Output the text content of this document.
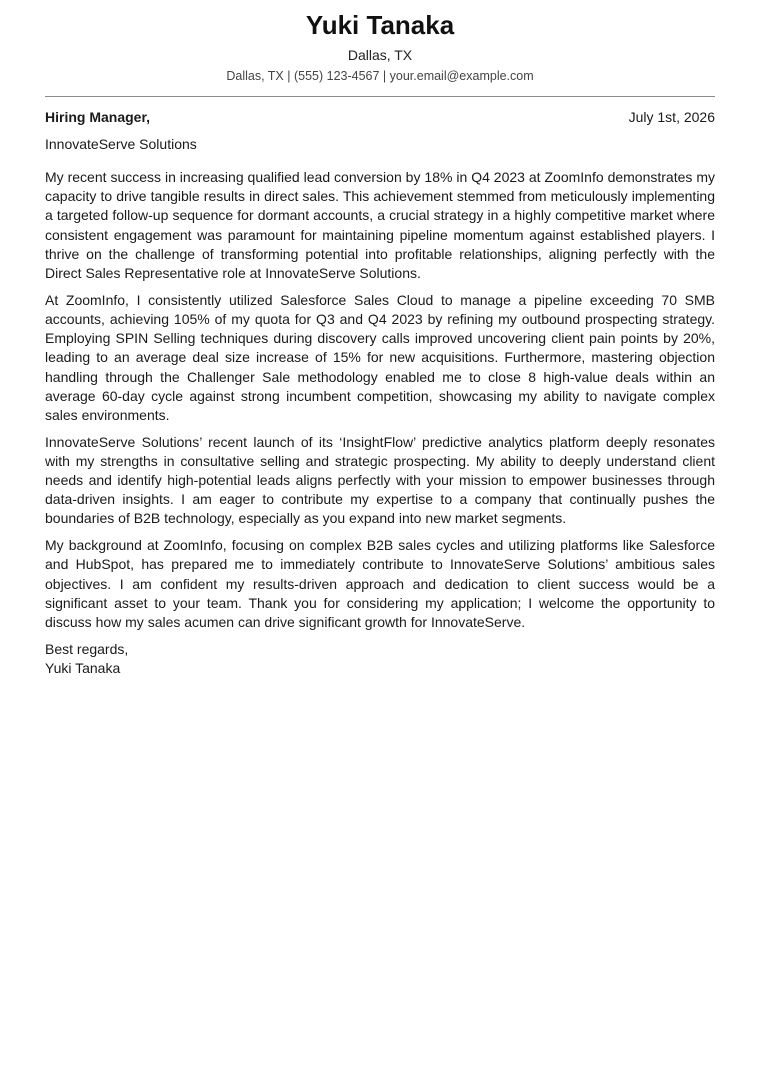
Yuki Tanaka
Dallas, TX
Dallas, TX | (555) 123-4567 | your.email@example.com
Hiring Manager,	July 1st, 2026
InnovateServe Solutions

My recent success in increasing qualified lead conversion by 18% in Q4 2023 at ZoomInfo demonstrates my capacity to drive tangible results in direct sales. This achievement stemmed from meticulously implementing a targeted follow-up sequence for dormant accounts, a crucial strategy in a highly competitive market where consistent engagement was paramount for maintaining pipeline momentum against established players. I thrive on the challenge of transforming potential into profitable relationships, aligning perfectly with the Direct Sales Representative role at InnovateServe Solutions.

At ZoomInfo, I consistently utilized Salesforce Sales Cloud to manage a pipeline exceeding 70 SMB accounts, achieving 105% of my quota for Q3 and Q4 2023 by refining my outbound prospecting strategy. Employing SPIN Selling techniques during discovery calls improved uncovering client pain points by 20%, leading to an average deal size increase of 15% for new acquisitions. Furthermore, mastering objection handling through the Challenger Sale methodology enabled me to close 8 high-value deals within an average 60-day cycle against strong incumbent competition, showcasing my ability to navigate complex sales environments.

InnovateServe Solutions’ recent launch of its ‘InsightFlow’ predictive analytics platform deeply resonates with my strengths in consultative selling and strategic prospecting. My ability to deeply understand client needs and identify high-potential leads aligns perfectly with your mission to empower businesses through data-driven insights. I am eager to contribute my expertise to a company that continually pushes the boundaries of B2B technology, especially as you expand into new market segments.

My background at ZoomInfo, focusing on complex B2B sales cycles and utilizing platforms like Salesforce and HubSpot, has prepared me to immediately contribute to InnovateServe Solutions’ ambitious sales objectives. I am confident my results-driven approach and dedication to client success would be a significant asset to your team. Thank you for considering my application; I welcome the opportunity to discuss how my sales acumen can drive significant growth for InnovateServe.

Best regards,
Yuki Tanaka
